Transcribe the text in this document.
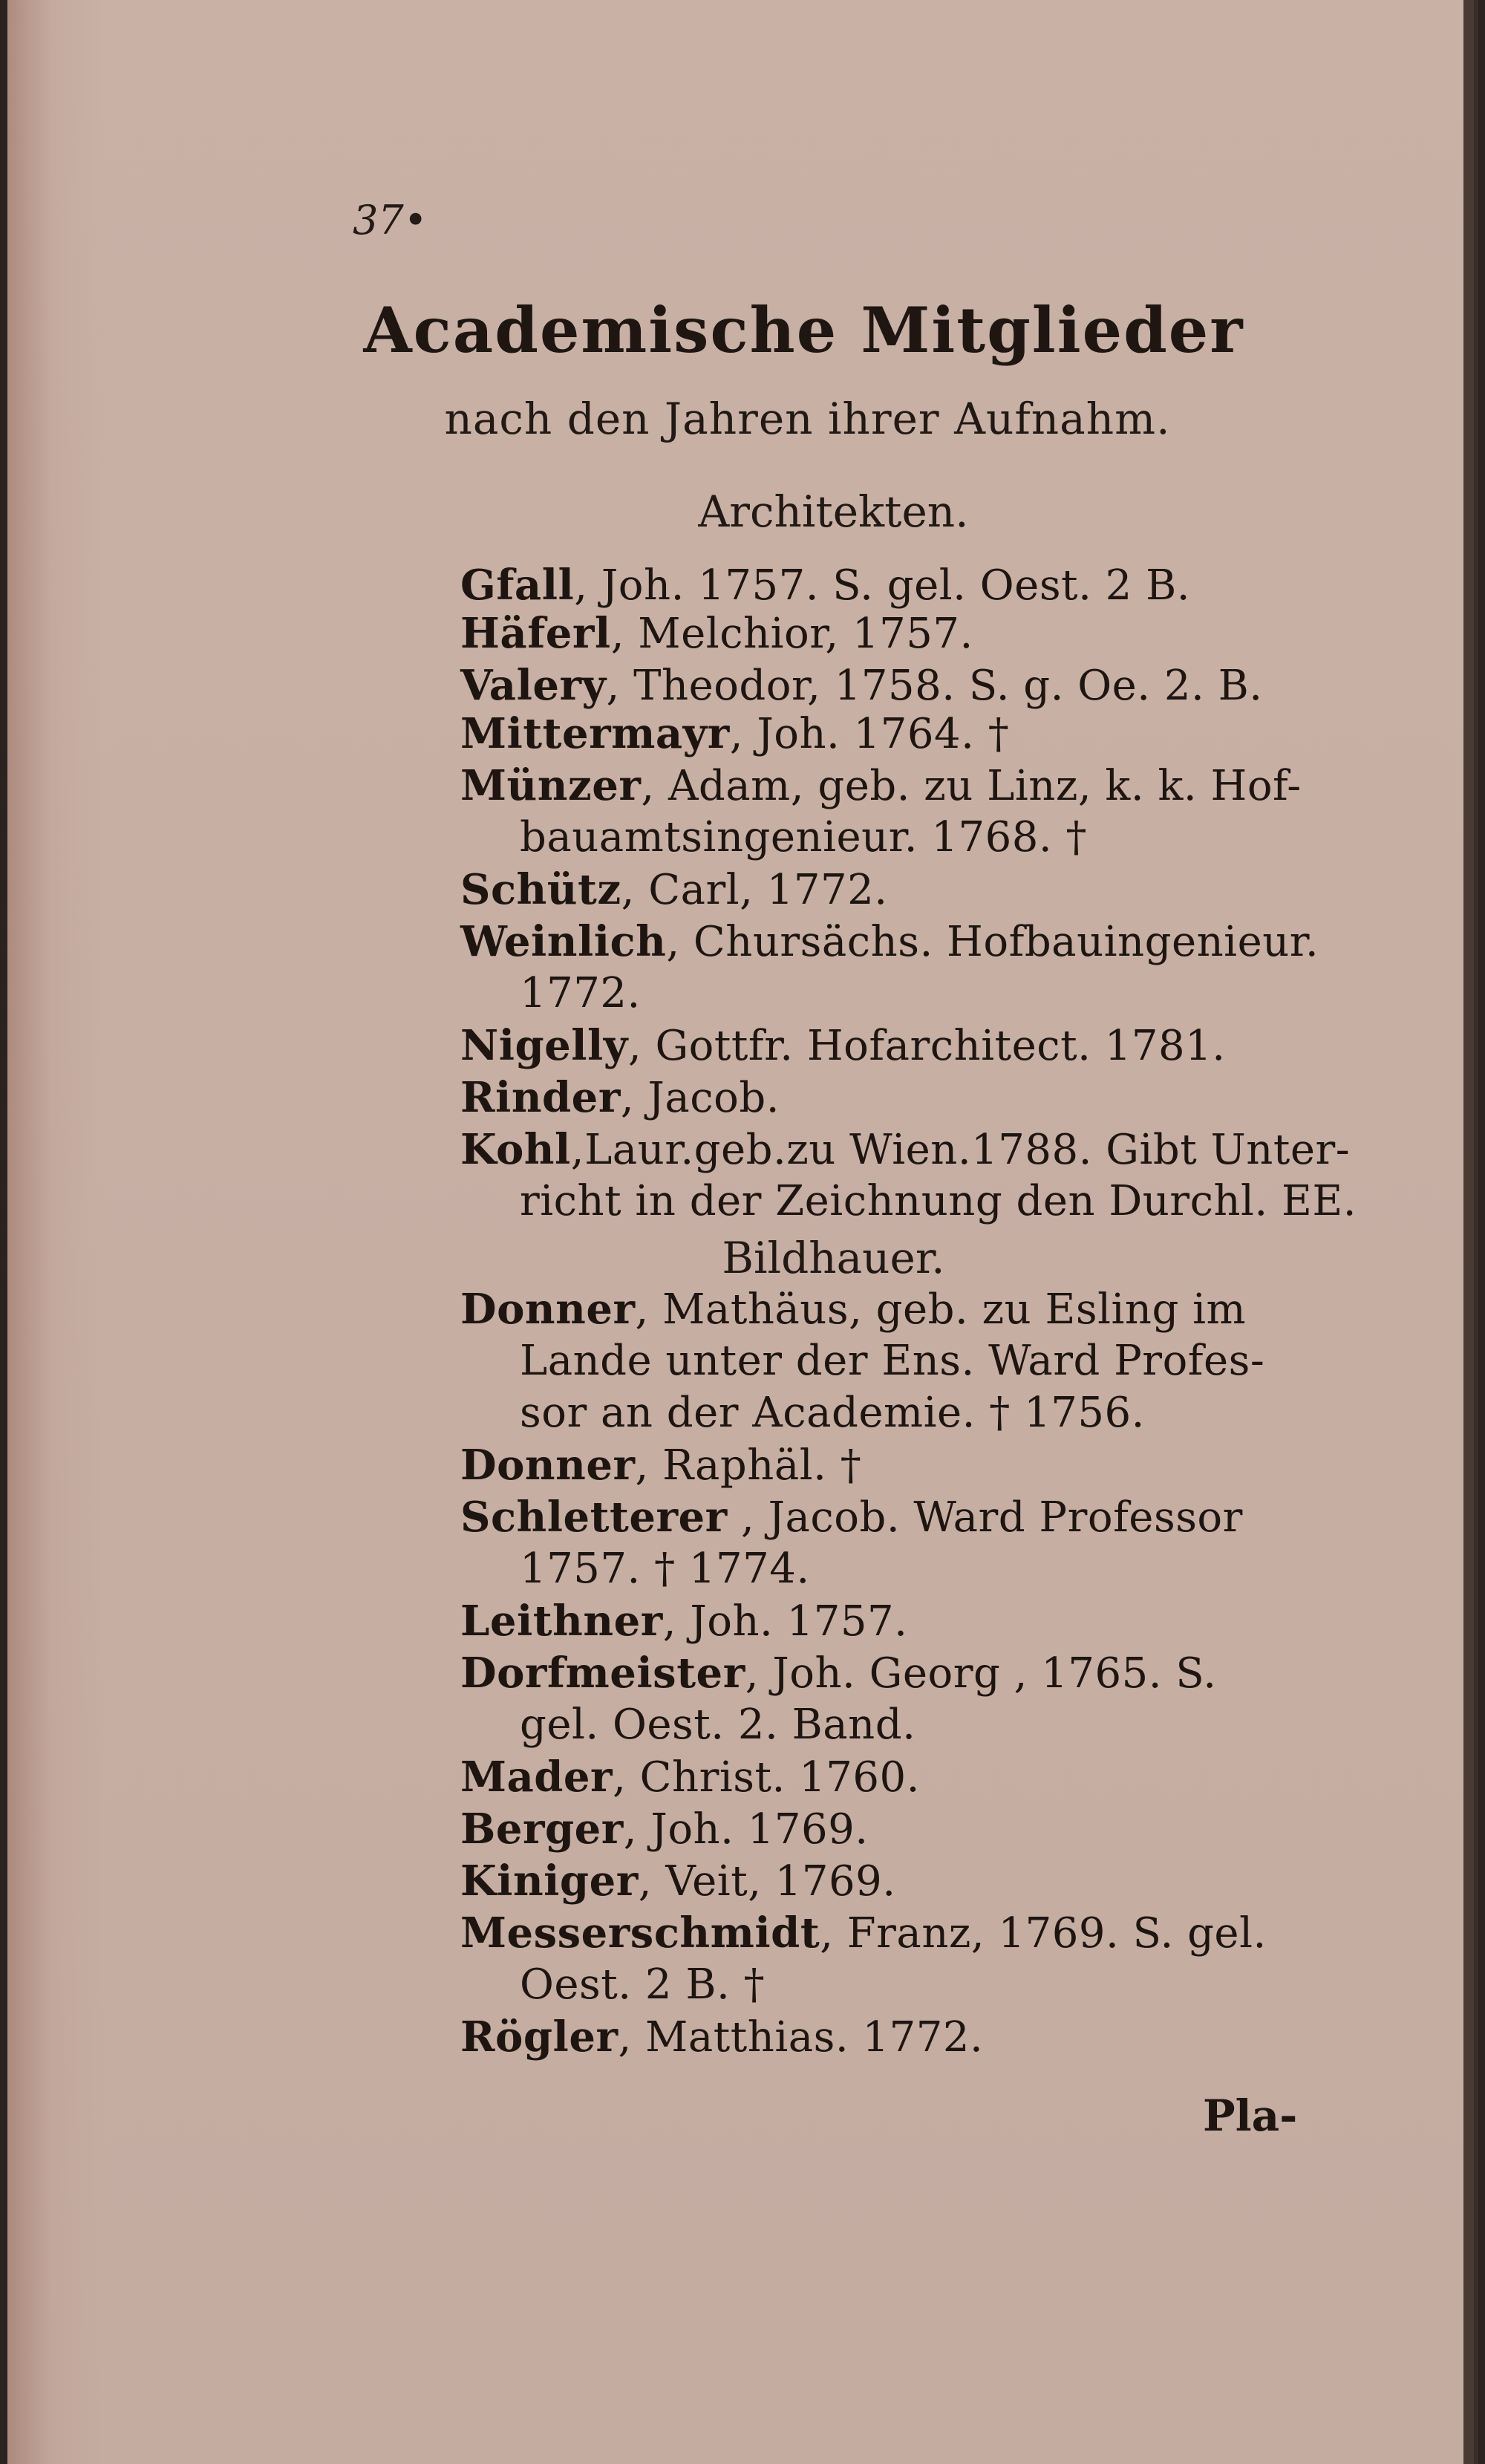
37•
Academische Mitglieder
nach den Jahren ihrer Aufnahm.
Architekten.
Bildhauer.
Gfall, Joh. 1757. S. gel. Oest. 2 B.
Häferl, Melchior, 1757.
Valery, Theodor, 1758. S. g. Oe. 2. B.
Mittermayr, Joh. 1764. †
Münzer, Adam, geb. zu Linz, k. k. Hof-
bauamtsingenieur. 1768. †
Schütz, Carl, 1772.
Weinlich, Chursächs. Hofbauingenieur.
1772.
Nigelly, Gottfr. Hofarchitect. 1781.
Rinder, Jacob.
Kohl,Laur.geb.zu Wien.1788. Gibt Unter-
richt in der Zeichnung den Durchl. EE.
Donner, Mathäus, geb. zu Esling im
Lande unter der Ens. Ward Profes-
sor an der Academie. † 1756.
Donner, Raphäl. †
Schletterer , Jacob. Ward Professor
1757. † 1774.
Leithner, Joh. 1757.
Dorfmeister, Joh. Georg , 1765. S.
gel. Oest. 2. Band.
Mader, Christ. 1760.
Berger, Joh. 1769.
Kiniger, Veit, 1769.
Messerschmidt, Franz, 1769. S. gel.
Oest. 2 B. †
Rögler, Matthias. 1772.
Pla-
